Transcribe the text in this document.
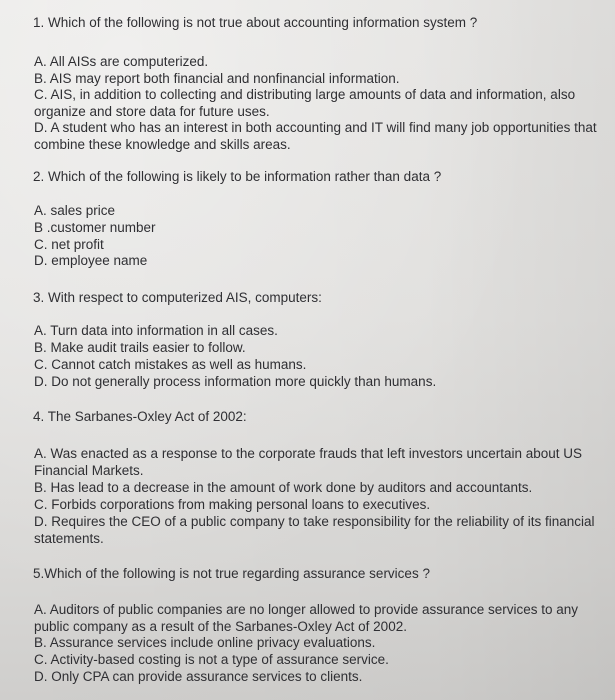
1. Which of the following is not true about accounting information system ?
A. All AISs are computerized.
B. AIS may report both financial and nonfinancial information.
C. AIS, in addition to collecting and distributing large amounts of data and information, also organize and store data for future uses.
D. A student who has an interest in both accounting and IT will find many job opportunities that combine these knowledge and skills areas.
2. Which of the following is likely to be information rather than data ?
A. sales price
B .customer number
C. net profit
D. employee name
3. With respect to computerized AIS, computers:
A. Turn data into information in all cases.
B. Make audit trails easier to follow.
C. Cannot catch mistakes as well as humans.
D. Do not generally process information more quickly than humans.
4. The Sarbanes-Oxley Act of 2002:
A. Was enacted as a response to the corporate frauds that left investors uncertain about US Financial Markets.
B. Has lead to a decrease in the amount of work done by auditors and accountants.
C. Forbids corporations from making personal loans to executives.
D. Requires the CEO of a public company to take responsibility for the reliability of its financial statements.
5.Which of the following is not true regarding assurance services ?
A. Auditors of public companies are no longer allowed to provide assurance services to any public company as a result of the Sarbanes-Oxley Act of 2002.
B. Assurance services include online privacy evaluations.
C. Activity-based costing is not a type of assurance service.
D. Only CPA can provide assurance services to clients.
